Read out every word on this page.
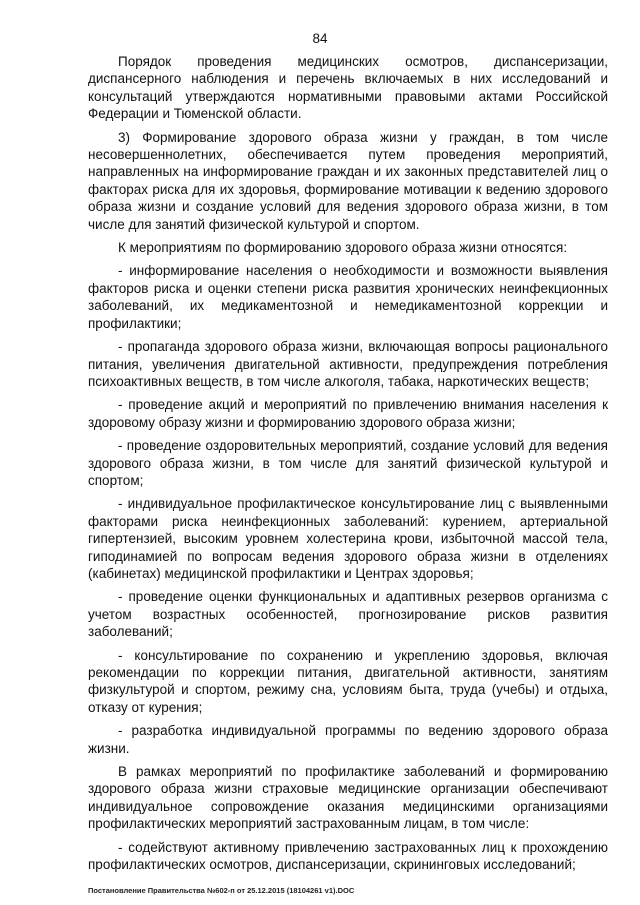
84

Порядок проведения медицинских осмотров, диспансеризации, диспансерного наблюдения и перечень включаемых в них исследований и консультаций утверждаются нормативными правовыми актами Российской Федерации и Тюменской области.

3) Формирование здорового образа жизни у граждан, в том числе несовершеннолетних, обеспечивается путем проведения мероприятий, направленных на информирование граждан и их законных представителей лиц о факторах риска для их здоровья, формирование мотивации к ведению здорового образа жизни и создание условий для ведения здорового образа жизни, в том числе для занятий физической культурой и спортом.

К мероприятиям по формированию здорового образа жизни относятся:

- информирование населения о необходимости и возможности выявления факторов риска и оценки степени риска развития хронических неинфекционных заболеваний, их медикаментозной и немедикаментозной коррекции и профилактики;

- пропаганда здорового образа жизни, включающая вопросы рационального питания, увеличения двигательной активности, предупреждения потребления психоактивных веществ, в том числе алкоголя, табака, наркотических веществ;

- проведение акций и мероприятий по привлечению внимания населения к здоровому образу жизни и формированию здорового образа жизни;

- проведение оздоровительных мероприятий, создание условий для ведения здорового образа жизни, в том числе для занятий физической культурой и спортом;

- индивидуальное профилактическое консультирование лиц с выявленными факторами риска неинфекционных заболеваний: курением, артериальной гипертензией, высоким уровнем холестерина крови, избыточной массой тела, гиподинамией по вопросам ведения здорового образа жизни в отделениях (кабинетах) медицинской профилактики и Центрах здоровья;

- проведение оценки функциональных и адаптивных резервов организма с учетом возрастных особенностей, прогнозирование рисков развития заболеваний;

- консультирование по сохранению и укреплению здоровья, включая рекомендации по коррекции питания, двигательной активности, занятиям физкультурой и спортом, режиму сна, условиям быта, труда (учебы) и отдыха, отказу от курения;

- разработка индивидуальной программы по ведению здорового образа жизни.

В рамках мероприятий по профилактике заболеваний и формированию здорового образа жизни страховые медицинские организации обеспечивают индивидуальное сопровождение оказания медицинскими организациями профилактических мероприятий застрахованным лицам, в том числе:

- содействуют активному привлечению застрахованных лиц к прохождению профилактических осмотров, диспансеризации, скрининговых исследований;

Постановление Правительства №602-п от 25.12.2015 (18104261 v1).DOC
